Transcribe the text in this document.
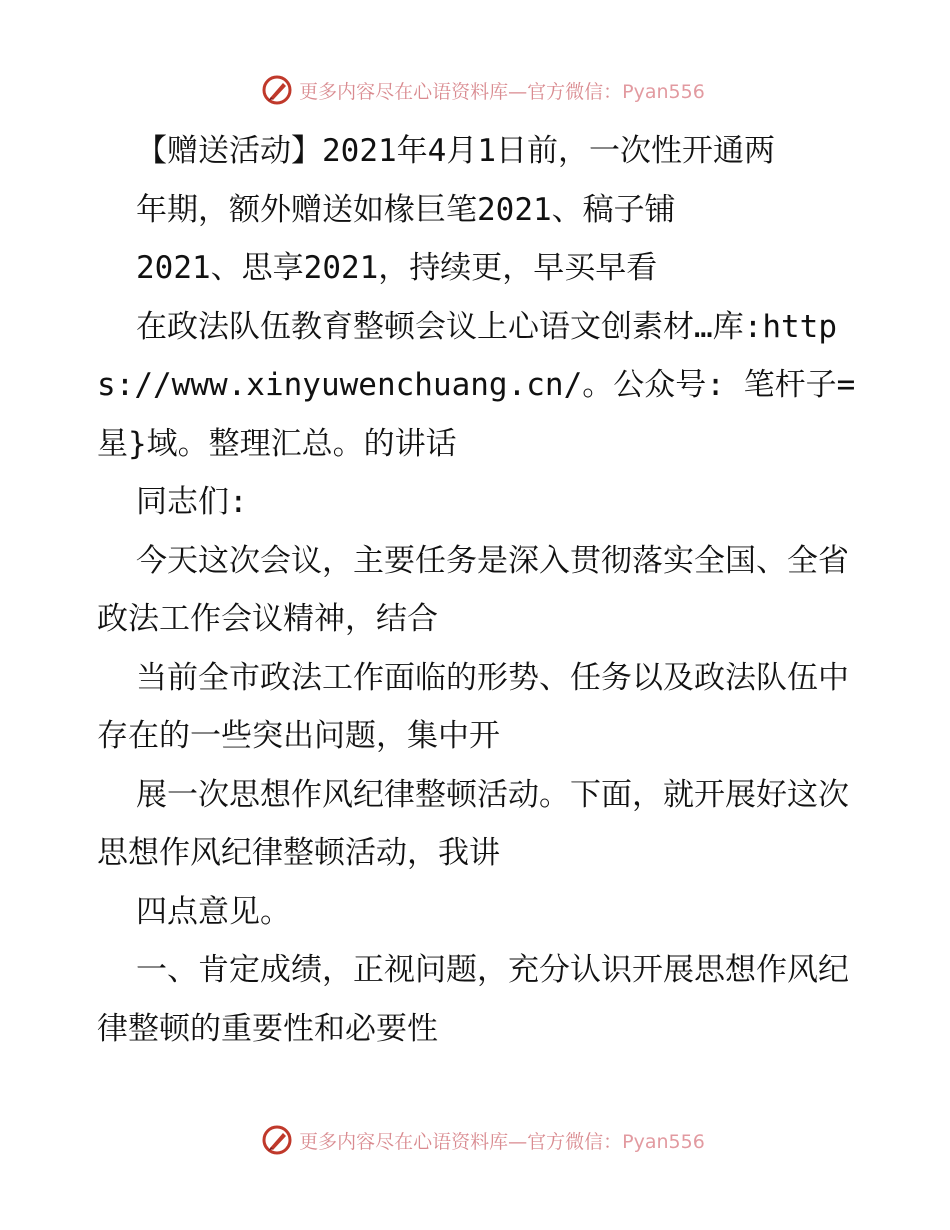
更多内容尽在心语资料库—官方微信：Pyan556

【赠送活动】2021年4月1日前，一次性开通两

年期，额外赠送如椽巨笔2021、稿子铺

2021、思享2021，持续更，早买早看

在政法队伍教育整顿会议上心语文创素材…库:https://www.xinyuwenchuang.cn/。公众号: 笔杆子=星}域。整理汇总。的讲话

同志们:

今天这次会议，主要任务是深入贯彻落实全国、全省政法工作会议精神，结合

当前全市政法工作面临的形势、任务以及政法队伍中存在的一些突出问题，集中开

展一次思想作风纪律整顿活动。下面，就开展好这次思想作风纪律整顿活动，我讲

四点意见。

一、肯定成绩，正视问题，充分认识开展思想作风纪律整顿的重要性和必要性

更多内容尽在心语资料库—官方微信：Pyan556
